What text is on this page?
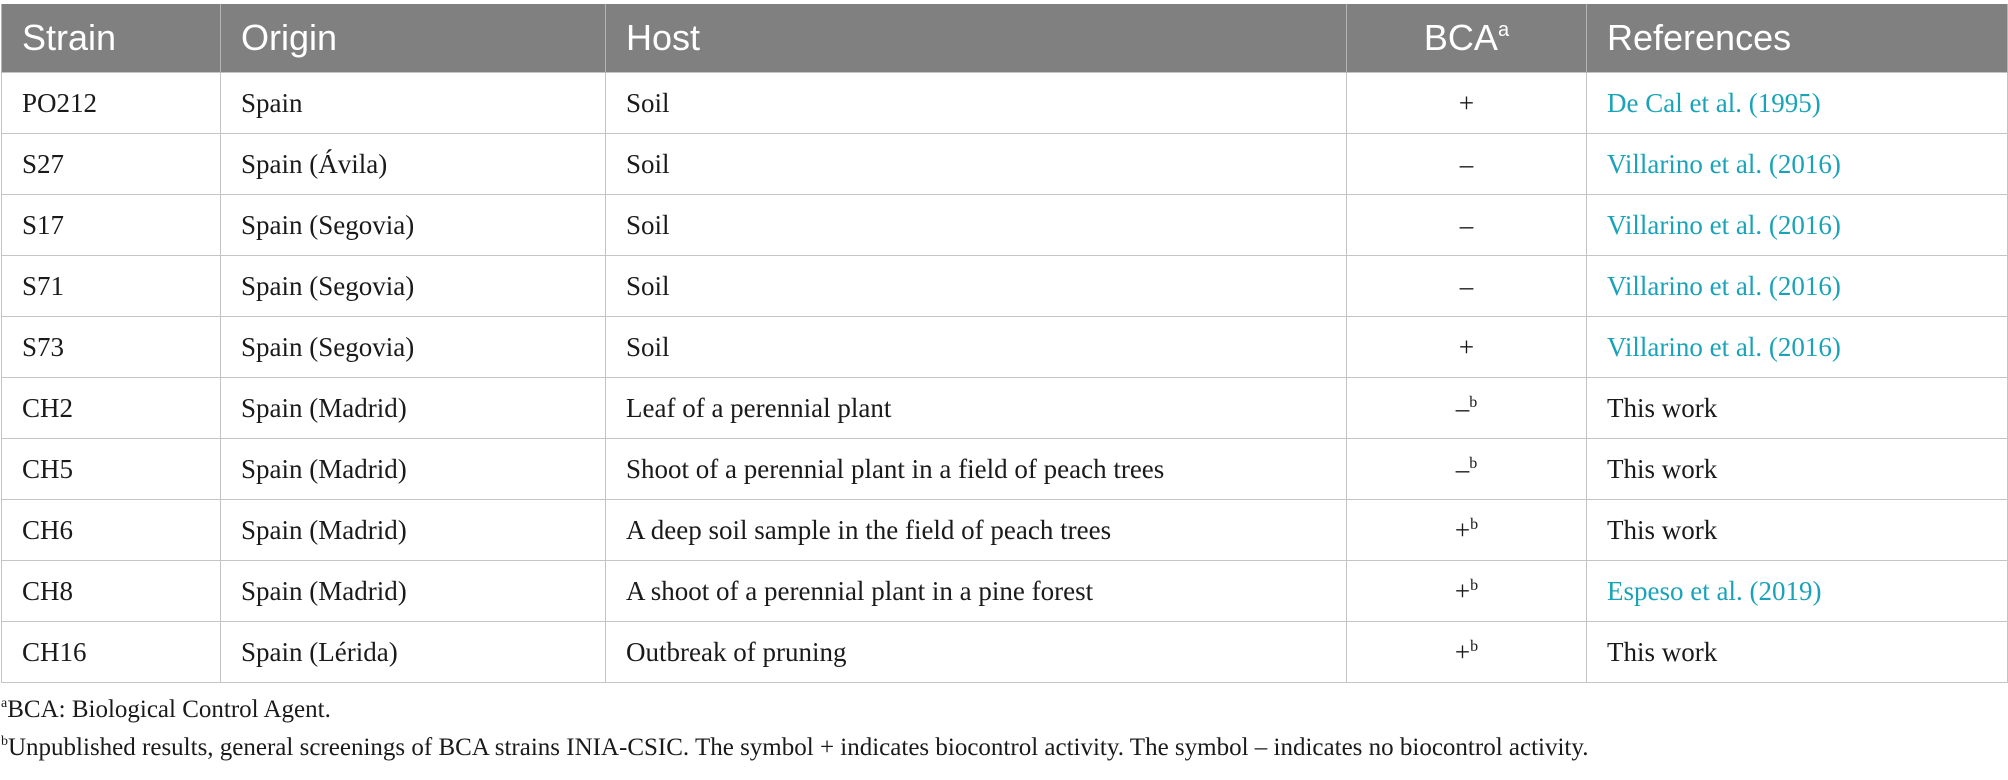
Strain	Origin	Host	BCA$^a$	References
PO212	Spain	Soil	+	De Cal et al. (1995)
S27	Spain (Ávila)	Soil	–	Villarino et al. (2016)
S17	Spain (Segovia)	Soil	–	Villarino et al. (2016)
S71	Spain (Segovia)	Soil	–	Villarino et al. (2016)
S73	Spain (Segovia)	Soil	+	Villarino et al. (2016)
CH2	Spain (Madrid)	Leaf of a perennial plant	–$^b$	This work
CH5	Spain (Madrid)	Shoot of a perennial plant in a field of peach trees	–$^b$	This work
CH6	Spain (Madrid)	A deep soil sample in the field of peach trees	+$^b$	This work
CH8	Spain (Madrid)	A shoot of a perennial plant in a pine forest	+$^b$	Espeso et al. (2019)
CH16	Spain (Lérida)	Outbreak of pruning	+$^b$	This work
$^a$BCA: Biological Control Agent.
$^b$Unpublished results, general screenings of BCA strains INIA-CSIC. The symbol + indicates biocontrol activity. The symbol – indicates no biocontrol activity.
